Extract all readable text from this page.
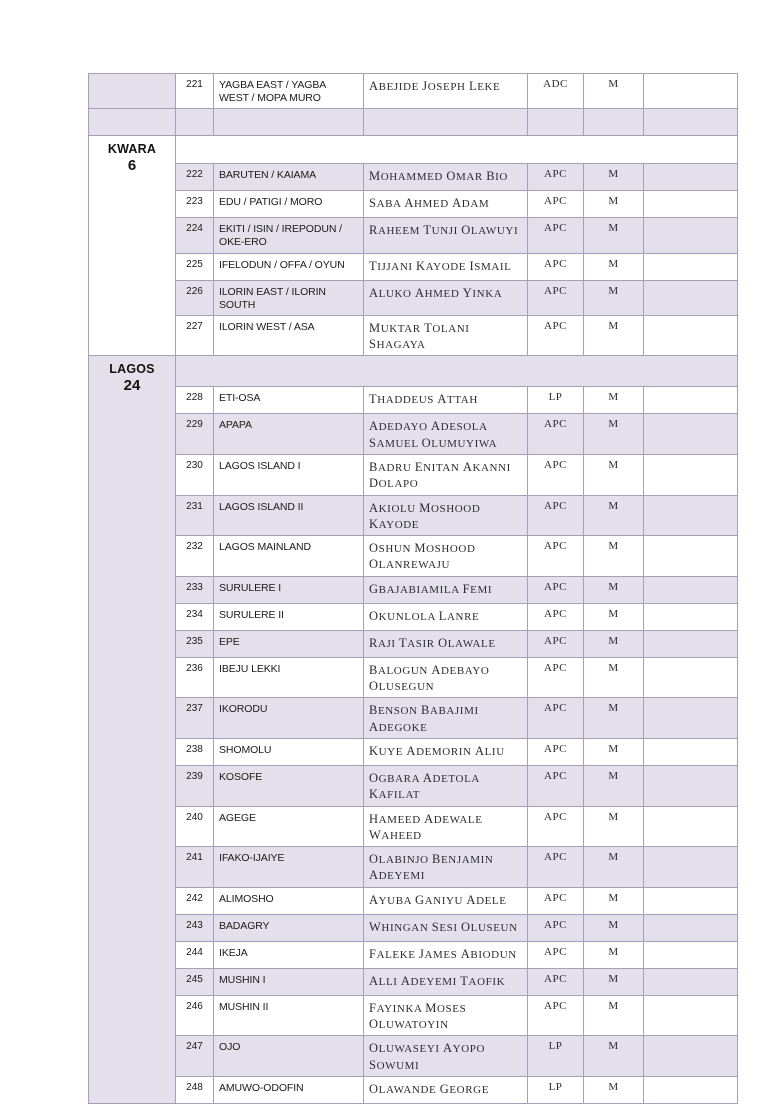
	221	YAGBA EAST / YAGBA WEST / MOPA MURO	ABEJIDE JOSEPH LEKE	ADC	M	

KWARA
6						

	222	BARUTEN / KAIAMA	MOHAMMED OMAR BIO	APC	M	
	223	EDU / PATIGI / MORO	SABA AHMED ADAM	APC	M	
	224	EKITI / ISIN / IREPODUN / OKE-ERO	RAHEEM TUNJI OLAWUYI	APC	M	
	225	IFELODUN / OFFA / OYUN	TIJJANI KAYODE ISMAIL	APC	M	
	226	ILORIN EAST / ILORIN SOUTH	ALUKO AHMED YINKA	APC	M	
	227	ILORIN WEST / ASA	MUKTAR TOLANI SHAGAYA	APC	M	

LAGOS
24						

	228	ETI-OSA	THADDEUS ATTAH	LP	M	
	229	APAPA	ADEDAYO ADESOLA SAMUEL OLUMUYIWA	APC	M	
	230	LAGOS ISLAND I	BADRU ENITAN AKANNI DOLAPO	APC	M	
	231	LAGOS ISLAND II	AKIOLU MOSHOOD KAYODE	APC	M	
	232	LAGOS MAINLAND	OSHUN MOSHOOD OLANREWAJU	APC	M	
	233	SURULERE I	GBAJABIAMILA FEMI	APC	M	
	234	SURULERE II	OKUNLOLA LANRE	APC	M	
	235	EPE	RAJI TASIR OLAWALE	APC	M	
	236	IBEJU LEKKI	BALOGUN ADEBAYO OLUSEGUN	APC	M	
	237	IKORODU	BENSON BABAJIMI ADEGOKE	APC	M	
	238	SHOMOLU	KUYE ADEMORIN ALIU	APC	M	
	239	KOSOFE	OGBARA ADETOLA KAFILAT	APC	M	
	240	AGEGE	HAMEED ADEWALE WAHEED	APC	M	
	241	IFAKO-IJAIYE	OLABINJO BENJAMIN ADEYEMI	APC	M	
	242	ALIMOSHO	AYUBA GANIYU ADELE	APC	M	
	243	BADAGRY	WHINGAN SESI OLUSEUN	APC	M	
	244	IKEJA	FALEKE JAMES ABIODUN	APC	M	
	245	MUSHIN I	ALLI ADEYEMI TAOFIK	APC	M	
	246	MUSHIN II	FAYINKA MOSES OLUWATOYIN	APC	M	
	247	OJO	OLUWASEYI AYOPO SOWUMI	LP	M	
	248	AMUWO-ODOFIN	OLAWANDE GEORGE	LP	M	
